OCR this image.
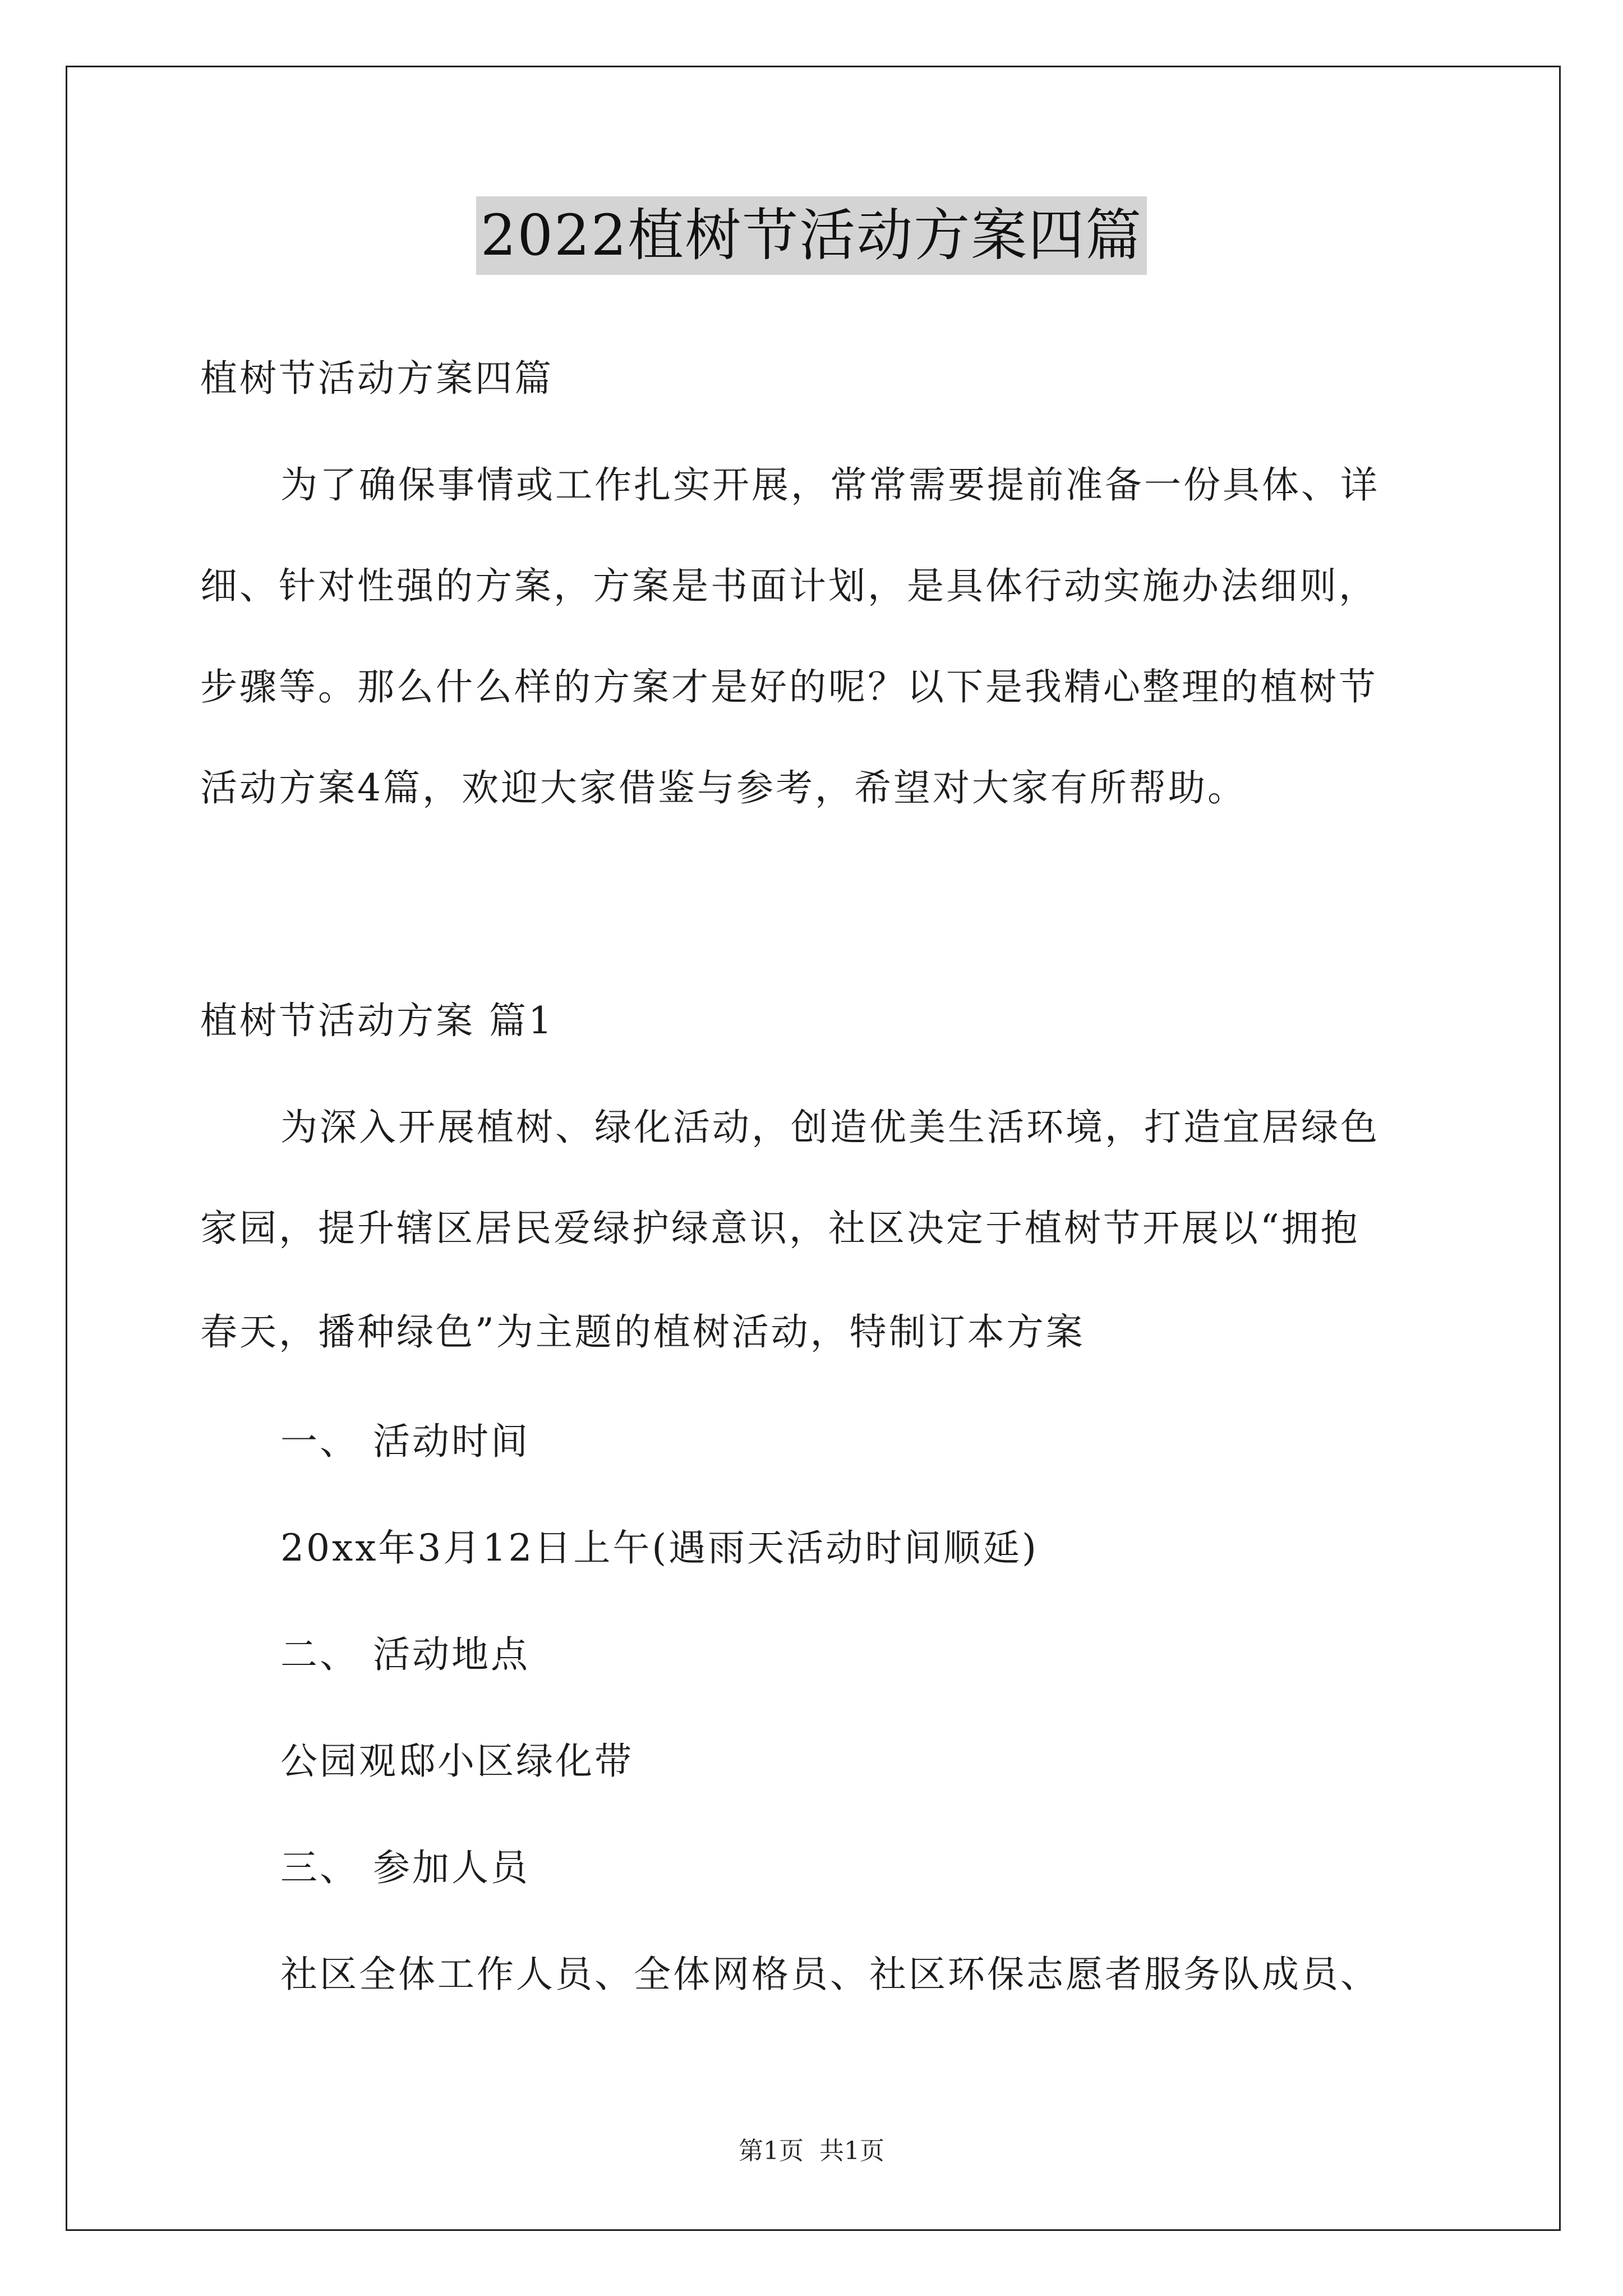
2022植树节活动方案四篇
植树节活动方案四篇
为了确保事情或工作扎实开展，常常需要提前准备一份具体、详
细、针对性强的方案，方案是书面计划，是具体行动实施办法细则，
步骤等。那么什么样的方案才是好的呢？以下是我精心整理的植树节
活动方案4篇，欢迎大家借鉴与参考，希望对大家有所帮助。
植树节活动方案 篇1
为深入开展植树、绿化活动，创造优美生活环境，打造宜居绿色
家园，提升辖区居民爱绿护绿意识，社区决定于植树节开展以“拥抱
春天，播种绿色”为主题的植树活动，特制订本方案
一、 活动时间
20xx年3月12日上午(遇雨天活动时间顺延)
二、 活动地点
公园观邸小区绿化带
三、 参加人员
社区全体工作人员、全体网格员、社区环保志愿者服务队成员、
第1页 共1页
